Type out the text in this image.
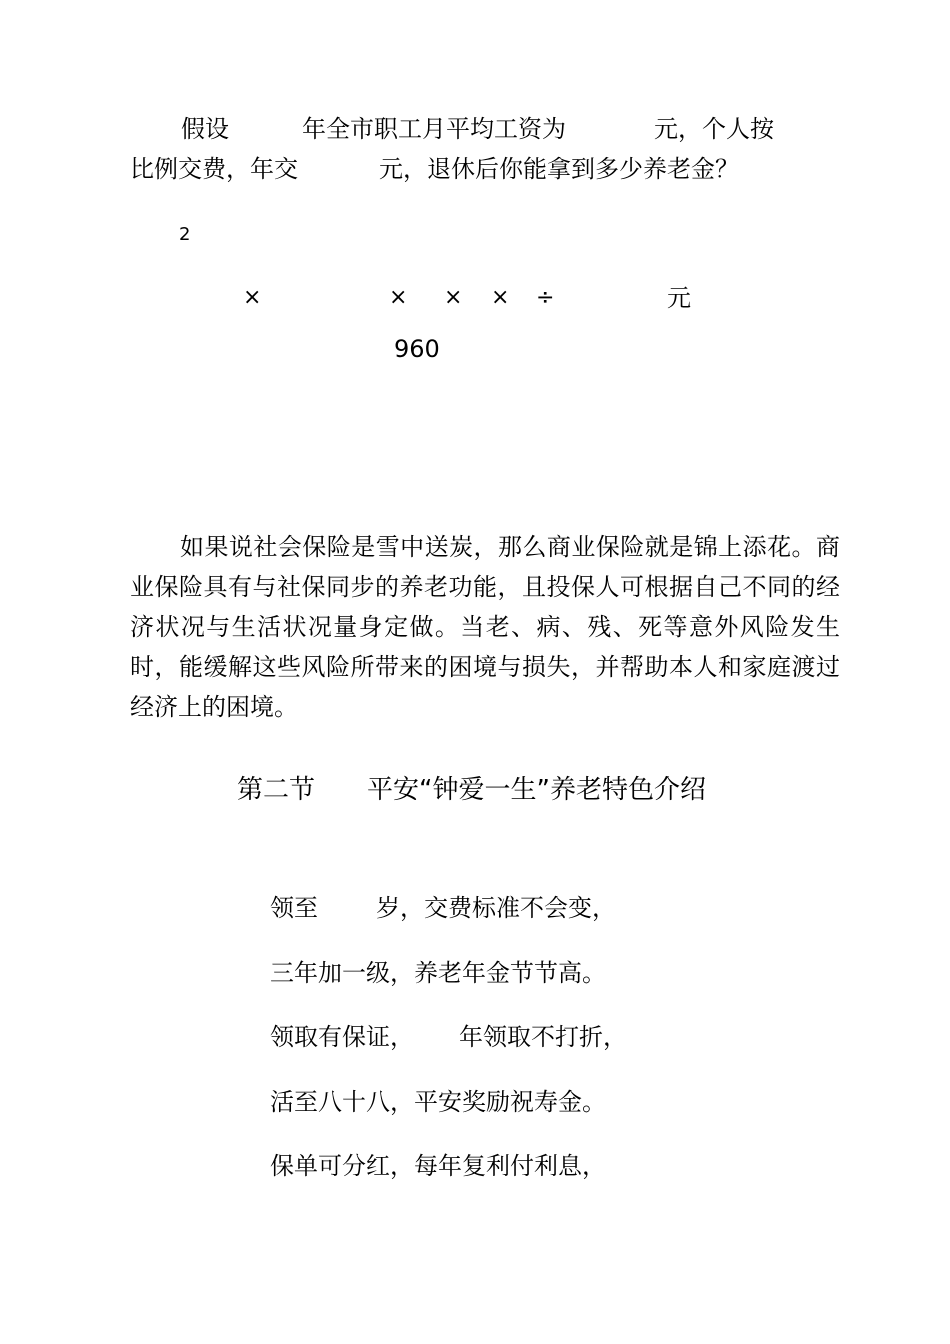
假设	年全市职工月平均工资为	元，个人按
比例交费，年交	元，退休后你能拿到多少养老金？
2
×	× × × ÷	元
960

如果说社会保险是雪中送炭，那么商业保险就是锦上添花。商业保险具有与社保同步的养老功能，且投保人可根据自己不同的经济状况与生活状况量身定做。当老、病、残、死等意外风险发生时，能缓解这些风险所带来的困境与损失，并帮助本人和家庭渡过经济上的困境。

第二节 平安“钟爱一生”养老特色介绍
领至 岁，交费标准不会变，
三年加一级，养老年金节节高。
领取有保证， 年领取不打折，
活至八十八，平安奖励祝寿金。
保单可分红，每年复利付利息，
